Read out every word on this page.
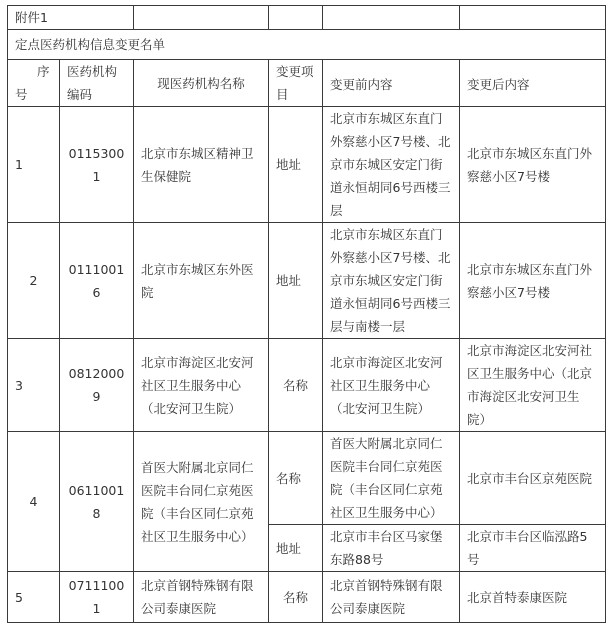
附件1					
定点医药机构信息变更名单					
序
号	医药机构编码	现医药机构名称	变更项目	变更前内容	变更后内容
1	01153001	北京市东城区精神卫生保健院	地址	北京市东城区东直门外察慈小区7号楼、北京市东城区安定门街道永恒胡同6号西楼三层	北京市东城区东直门外察慈小区7号楼
2	01110016	北京市东城区东外医院	地址	北京市东城区东直门外察慈小区7号楼、北京市东城区安定门街道永恒胡同6号西楼三层与南楼一层	北京市东城区东直门外察慈小区7号楼
3	08120009	北京市海淀区北安河社区卫生服务中心（北安河卫生院）	名称	北京市海淀区北安河社区卫生服务中心（北安河卫生院）	北京市海淀区北安河社区卫生服务中心（北京市海淀区北安河卫生院）
4	06110018	首医大附属北京同仁医院丰台同仁京苑医院（丰台区同仁京苑社区卫生服务中心）	名称	首医大附属北京同仁医院丰台同仁京苑医院（丰台区同仁京苑社区卫生服务中心）	北京市丰台区京苑医院
			地址	北京市丰台区马家堡东路88号	北京市丰台区临泓路5号
5	07111001	北京首钢特殊钢有限公司泰康医院	名称	北京首钢特殊钢有限公司泰康医院	北京首特泰康医院
